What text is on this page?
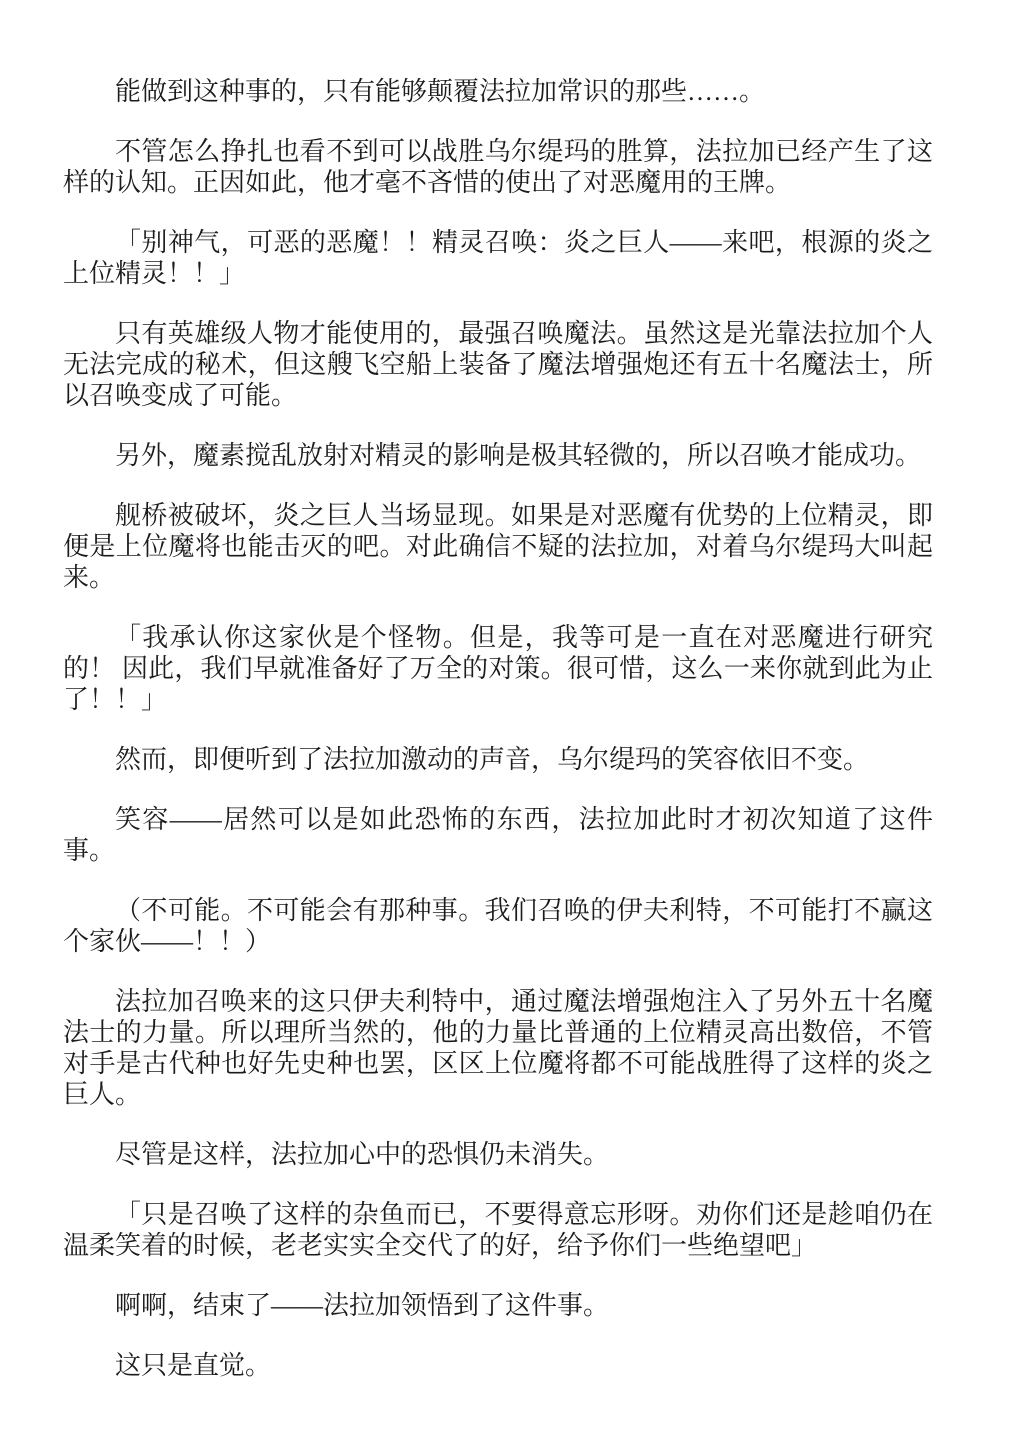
能做到这种事的，只有能够颠覆法拉加常识的那些……。

不管怎么挣扎也看不到可以战胜乌尔缇玛的胜算，法拉加已经产生了这样的认知。正因如此，他才毫不吝惜的使出了对恶魔用的王牌。

「别神气，可恶的恶魔！！精灵召唤：炎之巨人——来吧，根源的炎之上位精灵！！」

只有英雄级人物才能使用的，最强召唤魔法。虽然这是光靠法拉加个人无法完成的秘术，但这艘飞空船上装备了魔法增强炮还有五十名魔法士，所以召唤变成了可能。

另外，魔素搅乱放射对精灵的影响是极其轻微的，所以召唤才能成功。

舰桥被破坏，炎之巨人当场显现。如果是对恶魔有优势的上位精灵，即便是上位魔将也能击灭的吧。对此确信不疑的法拉加，对着乌尔缇玛大叫起来。

「我承认你这家伙是个怪物。但是，我等可是一直在对恶魔进行研究的！ 因此，我们早就准备好了万全的对策。很可惜，这么一来你就到此为止了！！」

然而，即便听到了法拉加激动的声音，乌尔缇玛的笑容依旧不变。

笑容——居然可以是如此恐怖的东西，法拉加此时才初次知道了这件事。

（不可能。不可能会有那种事。我们召唤的伊夫利特，不可能打不赢这个家伙——！！）

法拉加召唤来的这只伊夫利特中，通过魔法增强炮注入了另外五十名魔法士的力量。所以理所当然的，他的力量比普通的上位精灵高出数倍，不管对手是古代种也好先史种也罢，区区上位魔将都不可能战胜得了这样的炎之巨人。

尽管是这样，法拉加心中的恐惧仍未消失。

「只是召唤了这样的杂鱼而已，不要得意忘形呀。劝你们还是趁咱仍在温柔笑着的时候，老老实实全交代了的好，给予你们一些绝望吧」

啊啊，结束了——法拉加领悟到了这件事。

这只是直觉。
